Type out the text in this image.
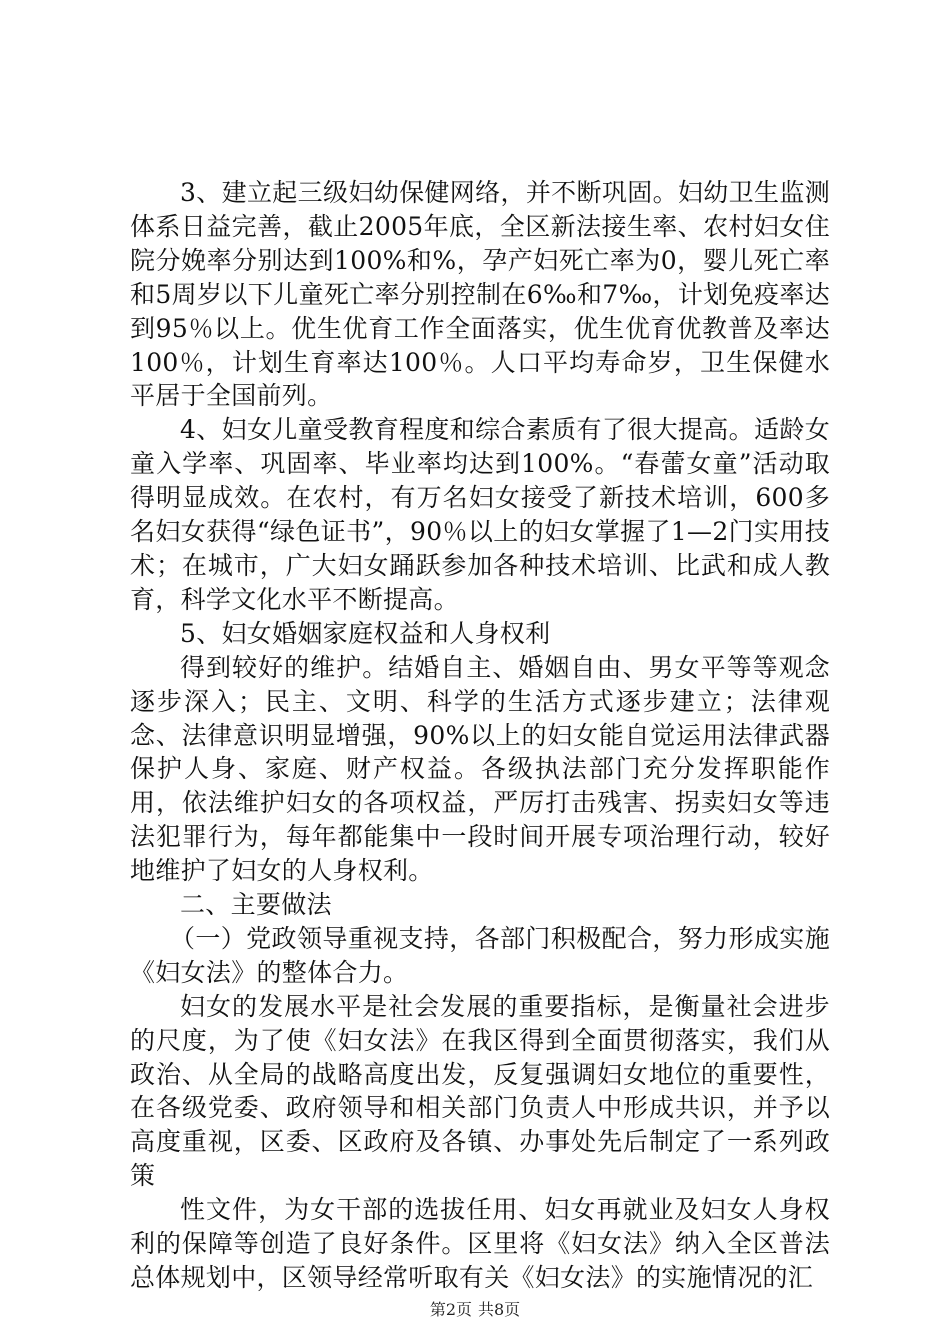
3、建立起三级妇幼保健网络，并不断巩固。妇幼卫生监测体系日益完善，截止2005年底，全区新法接生率、农村妇女住院分娩率分别达到100%和%，孕产妇死亡率为0，婴儿死亡率和5周岁以下儿童死亡率分别控制在6‰和7‰，计划免疫率达到95％以上。优生优育工作全面落实，优生优育优教普及率达100％，计划生育率达100％。人口平均寿命岁，卫生保健水平居于全国前列。

4、妇女儿童受教育程度和综合素质有了很大提高。适龄女童入学率、巩固率、毕业率均达到100%。“春蕾女童”活动取得明显成效。在农村，有万名妇女接受了新技术培训，600多名妇女获得“绿色证书”，90％以上的妇女掌握了1—2门实用技术；在城市，广大妇女踊跃参加各种技术培训、比武和成人教育，科学文化水平不断提高。

5、妇女婚姻家庭权益和人身权利

得到较好的维护。结婚自主、婚姻自由、男女平等等观念逐步深入；民主、文明、科学的生活方式逐步建立；法律观念、法律意识明显增强，90%以上的妇女能自觉运用法律武器保护人身、家庭、财产权益。各级执法部门充分发挥职能作用，依法维护妇女的各项权益，严厉打击残害、拐卖妇女等违法犯罪行为，每年都能集中一段时间开展专项治理行动，较好地维护了妇女的人身权利。

二、主要做法

（一）党政领导重视支持，各部门积极配合，努力形成实施《妇女法》的整体合力。

妇女的发展水平是社会发展的重要指标，是衡量社会进步的尺度，为了使《妇女法》在我区得到全面贯彻落实，我们从政治、从全局的战略高度出发，反复强调妇女地位的重要性，在各级党委、政府领导和相关部门负责人中形成共识，并予以高度重视，区委、区政府及各镇、办事处先后制定了一系列政策

性文件，为女干部的选拔任用、妇女再就业及妇女人身权利的保障等创造了良好条件。区里将《妇女法》纳入全区普法总体规划中，区领导经常听取有关《妇女法》的实施情况的汇

第2页 共8页
